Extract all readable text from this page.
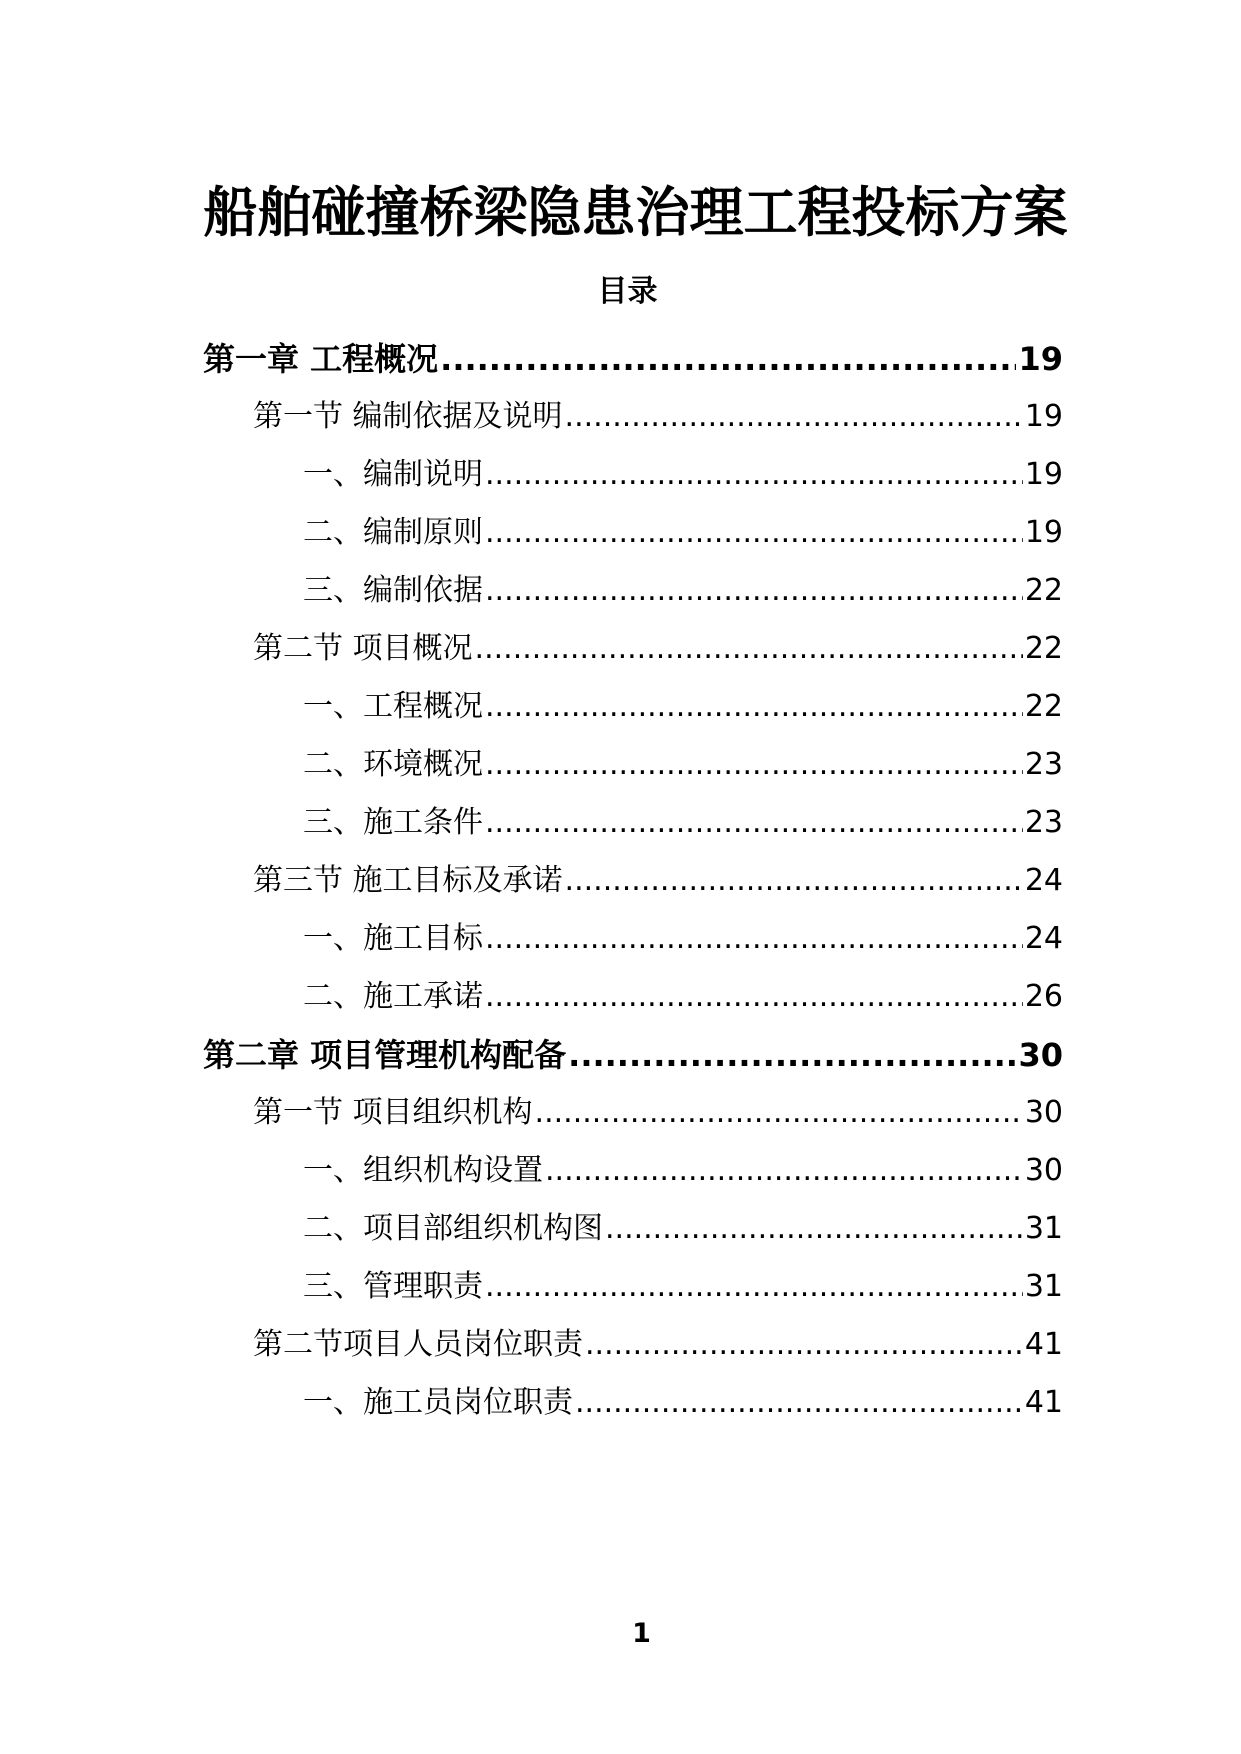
船舶碰撞桥梁隐患治理工程投标方案
目录
第一章 工程概况 .....	19
第一节 编制依据及说明 .....	19
一、编制说明 .....	19
二、编制原则 .....	19
三、编制依据 .....	22
第二节 项目概况 .....	22
一、工程概况 .....	22
二、环境概况 .....	23
三、施工条件 .....	23
第三节 施工目标及承诺 .....	24
一、施工目标 .....	24
二、施工承诺 .....	26
第二章 项目管理机构配备 .....	30
第一节 项目组织机构 .....	30
一、组织机构设置 .....	30
二、项目部组织机构图 .....	31
三、管理职责 .....	31
第二节项目人员岗位职责 .....	41
一、施工员岗位职责 .....	41
1
